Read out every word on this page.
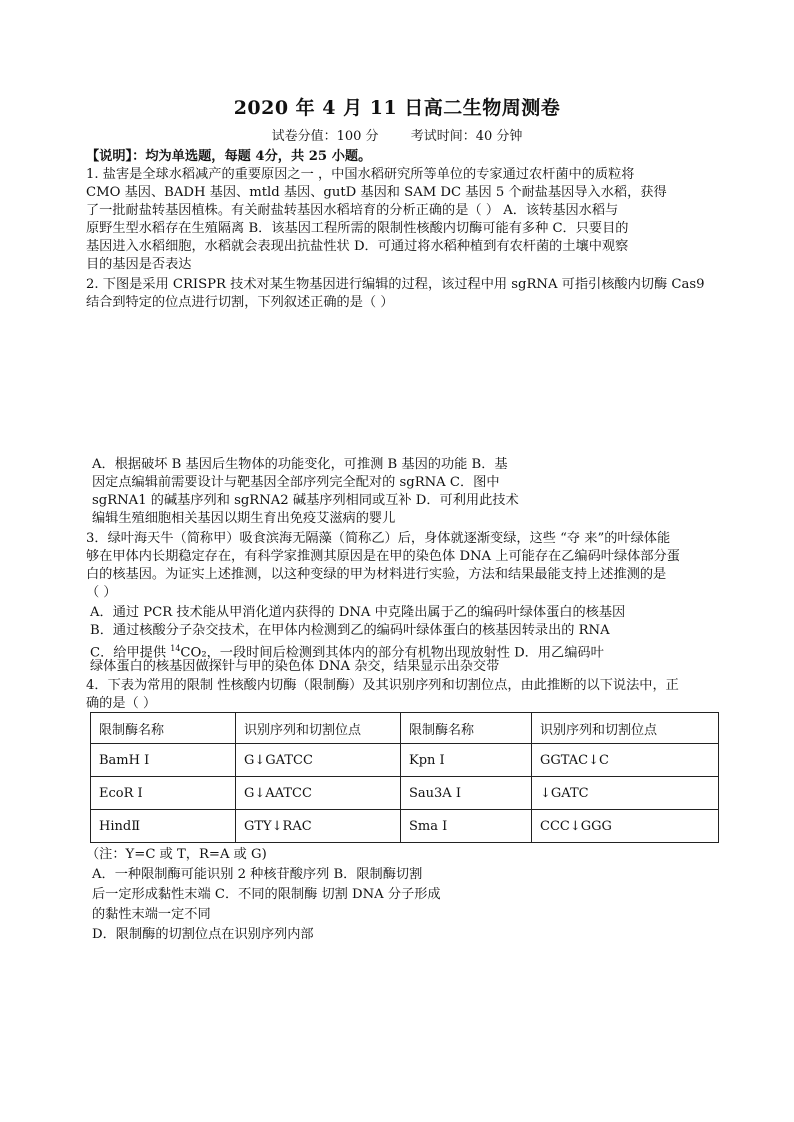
2020 年 4 月 11 日高二生物周测卷
试卷分值：100 分 考试时间：40 分钟
【说明】：均为单选题，每题 4分，共 25 小题。
1. 盐害是全球水稻减产的重要原因之一 ，中国水稻研究所等单位的专家通过农杆菌中的质粒将
CMO 基因、BADH 基因、mtld 基因、gutD 基因和 SAM DC 基因 5 个耐盐基因导入水稻，获得
了一批耐盐转基因植株。有关耐盐转基因水稻培育的分析正确的是（ ） A．该转基因水稻与
原野生型水稻存在生殖隔离 B．该基因工程所需的限制性核酸内切酶可能有多种 C．只要目的
基因进入水稻细胞，水稻就会表现出抗盐性状 D．可通过将水稻种植到有农杆菌的土壤中观察
目的基因是否表达
2. 下图是采用 CRISPR 技术对某生物基因进行编辑的过程，该过程中用 sgRNA 可指引核酸内切酶 Cas9
结合到特定的位点进行切割，下列叙述正确的是（ ）
A．根据破坏 B 基因后生物体的功能变化，可推测 B 基因的功能 B．基
因定点编辑前需要设计与靶基因全部序列完全配对的 sgRNA C．图中
sgRNA1 的碱基序列和 sgRNA2 碱基序列相同或互补 D．可利用此技术
编辑生殖细胞相关基因以期生育出免疫艾滋病的婴儿
3．绿叶海天牛（简称甲）吸食滨海无隔藻（简称乙）后，身体就逐渐变绿，这些 “夺 来”的叶绿体能
够在甲体内长期稳定存在，有科学家推测其原因是在甲的染色体 DNA 上可能存在乙编码叶绿体部分蛋
白的核基因。为证实上述推测，以这种变绿的甲为材料进行实验，方法和结果最能支持上述推测的是
（ ）
A．通过 PCR 技术能从甲消化道内获得的 DNA 中克隆出属于乙的编码叶绿体蛋白的核基因
B．通过核酸分子杂交技术，在甲体内检测到乙的编码叶绿体蛋白的核基因转录出的 RNA
C．给甲提供 $^{14}$CO₂，一段时间后检测到其体内的部分有机物出现放射性 D．用乙编码叶
绿体蛋白的核基因做探针与甲的染色体 DNA 杂交，结果显示出杂交带
4．下表为常用的限制 性核酸内切酶（限制酶）及其识别序列和切割位点，由此推断的以下说法中，正
确的是（ ）
限制酶名称	识别序列和切割位点	限制酶名称	识别序列和切割位点
BamH Ⅰ	G↓GATCC	Kpn Ⅰ	GGTAC↓C
EcoR Ⅰ	G↓AATCC	Sau3A Ⅰ	↓GATC
HindⅡ	GTY↓RAC	Sma Ⅰ	CCC↓GGG
（注：Y=C 或 T，R=A 或 G)
A．一种限制酶可能识别 2 种核苷酸序列 B．限制酶切割
后一定形成黏性末端 C．不同的限制酶 切割 DNA 分子形成
的黏性末端一定不同
D．限制酶的切割位点在识别序列内部
